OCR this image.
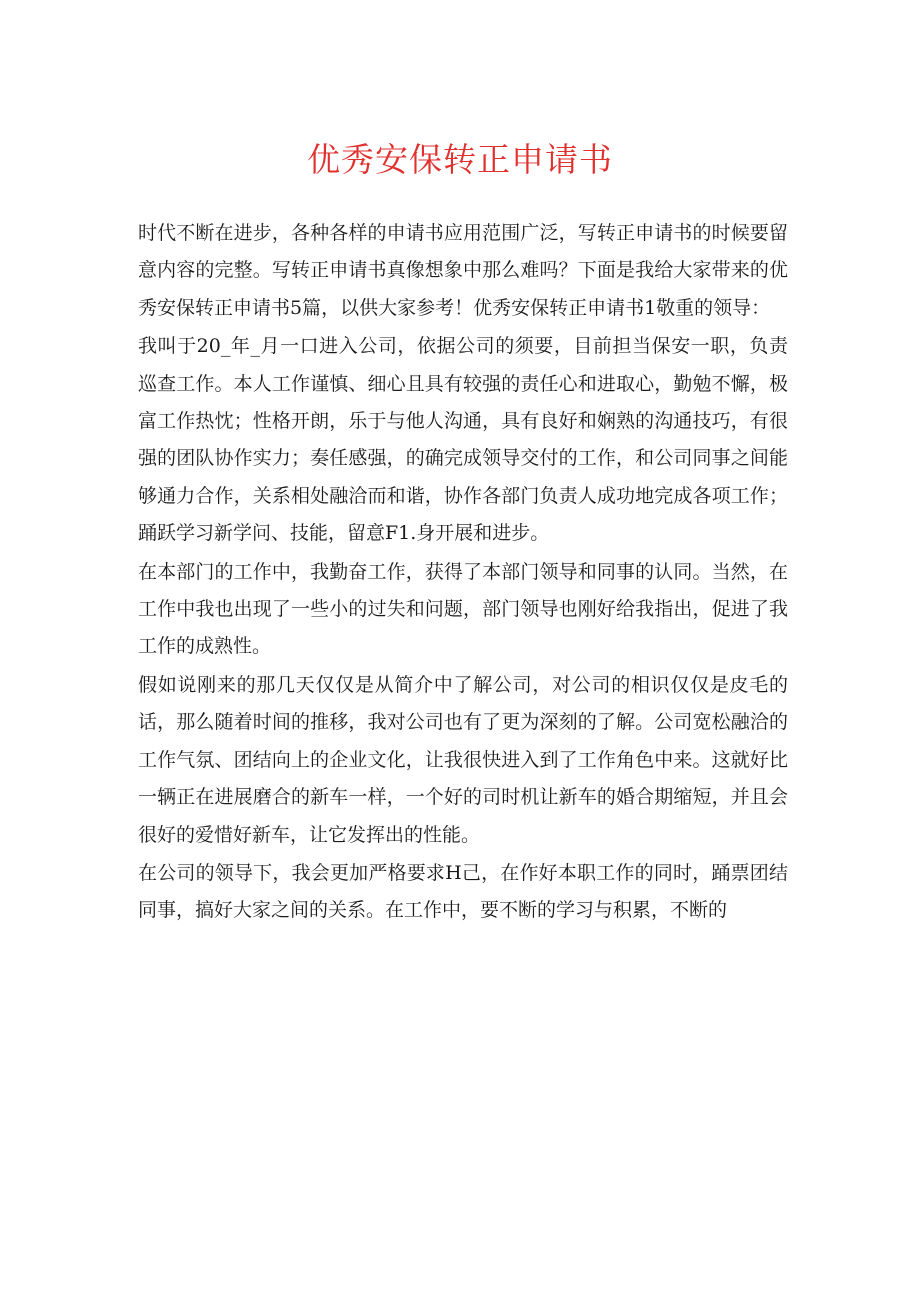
优秀安保转正申请书

时代不断在进步，各种各样的申请书应用范围广泛，写转正申请书的时候要留意内容的完整。写转正申请书真像想象中那么难吗？下面是我给大家带来的优秀安保转正申请书5篇，以供大家参考！优秀安保转正申请书1敬重的领导：

我叫于20_年_月一口进入公司，依据公司的须要，目前担当保安一职，负责巡查工作。本人工作谨慎、细心且具有较强的责任心和进取心，勤勉不懈，极富工作热忱；性格开朗，乐于与他人沟通，具有良好和娴熟的沟通技巧，有很强的团队协作实力；奏任感强，的确完成领导交付的工作，和公司同事之间能够通力合作，关系相处融洽而和谐，协作各部门负责人成功地完成各项工作；踊跃学习新学问、技能，留意F1.身开展和进步。

在本部门的工作中，我勤奋工作，获得了本部门领导和同事的认同。当然，在工作中我也出现了一些小的过失和问题，部门领导也刚好给我指出，促进了我工作的成熟性。

假如说刚来的那几天仅仅是从简介中了解公司，对公司的相识仅仅是皮毛的话，那么随着时间的推移，我对公司也有了更为深刻的了解。公司宽松融洽的工作气氛、团结向上的企业文化，让我很快进入到了工作角色中来。这就好比一辆正在进展磨合的新车一样，一个好的司时机让新车的婚合期缩短，并且会很好的爱惜好新车，让它发挥出的性能。

在公司的领导下，我会更加严格要求H己，在作好本职工作的同时，踊票团结同事，搞好大家之间的关系。在工作中，要不断的学习与积累，不断的
